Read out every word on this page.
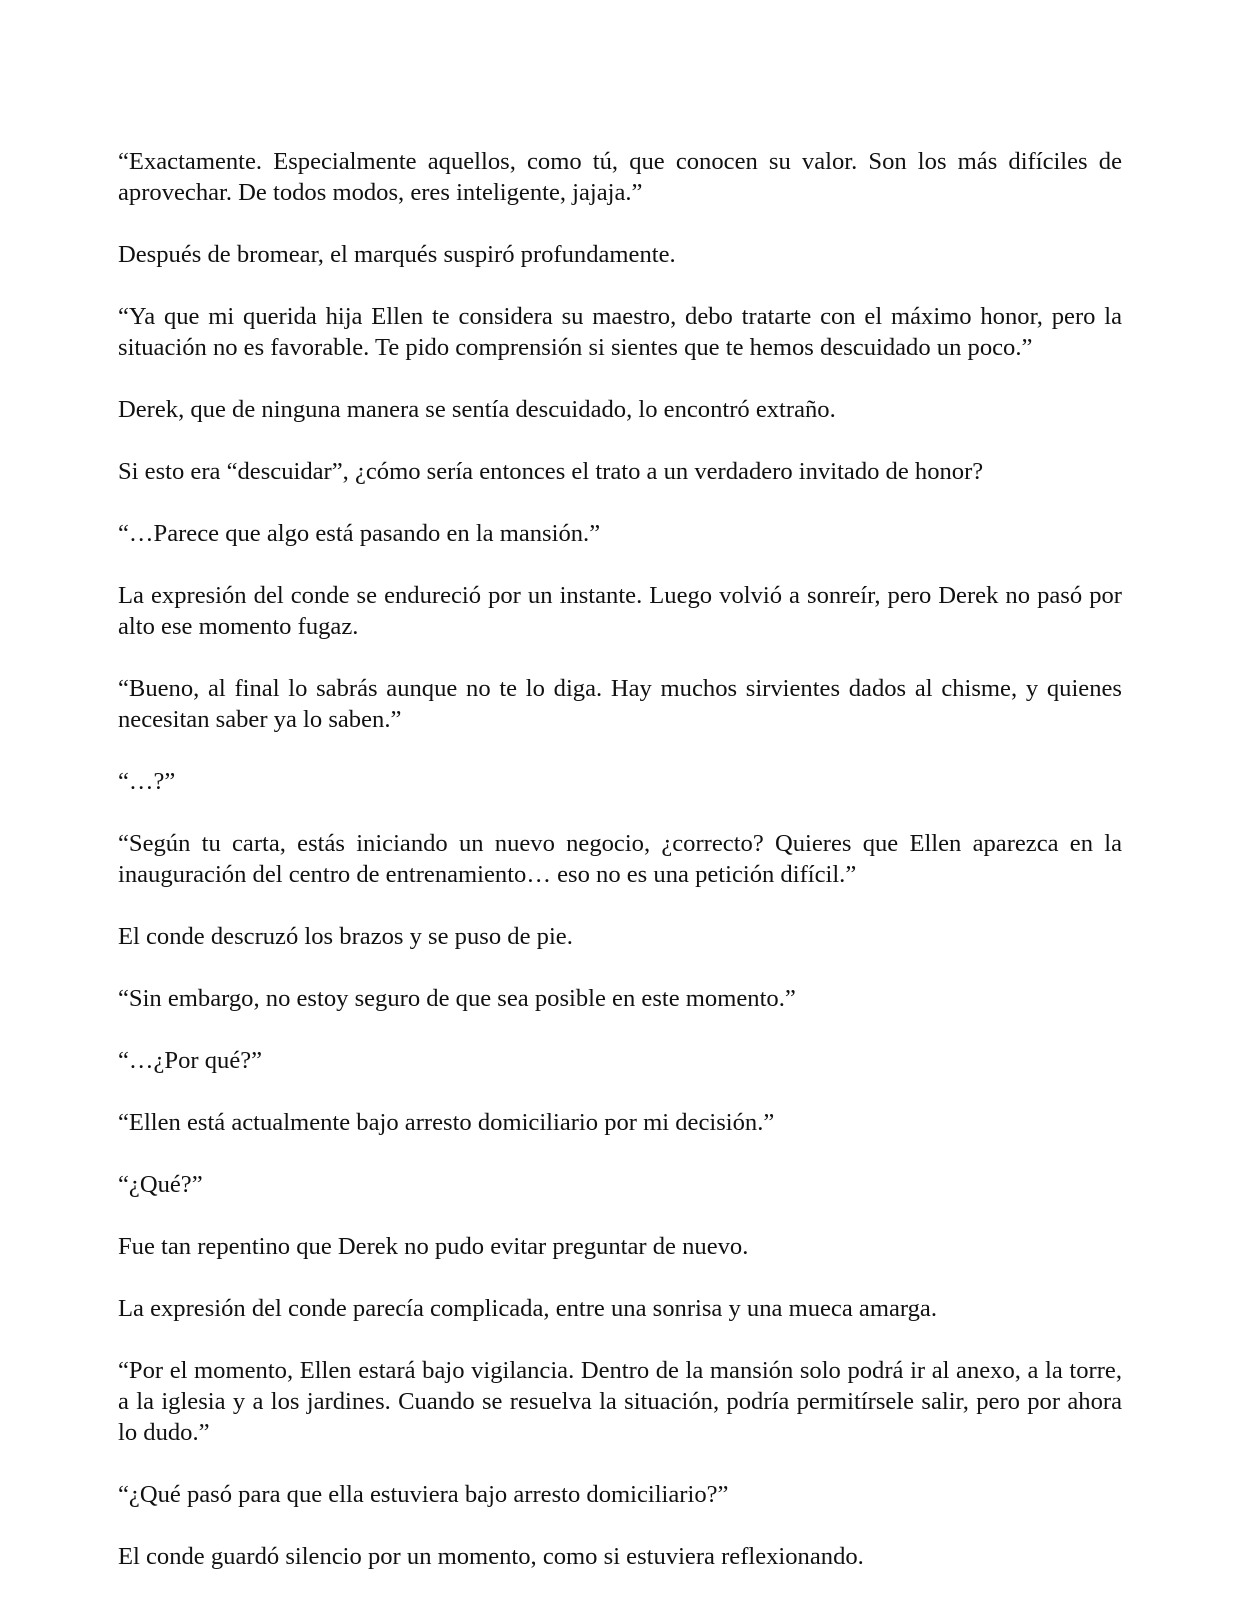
“Exactamente. Especialmente aquellos, como tú, que conocen su valor. Son los más difíciles de aprovechar. De todos modos, eres inteligente, jajaja.”

Después de bromear, el marqués suspiró profundamente.

“Ya que mi querida hija Ellen te considera su maestro, debo tratarte con el máximo honor, pero la situación no es favorable. Te pido comprensión si sientes que te hemos descuidado un poco.”

Derek, que de ninguna manera se sentía descuidado, lo encontró extraño.

Si esto era “descuidar”, ¿cómo sería entonces el trato a un verdadero invitado de honor?

“…Parece que algo está pasando en la mansión.”

La expresión del conde se endureció por un instante. Luego volvió a sonreír, pero Derek no pasó por alto ese momento fugaz.

“Bueno, al final lo sabrás aunque no te lo diga. Hay muchos sirvientes dados al chisme, y quienes necesitan saber ya lo saben.”

“…?”

“Según tu carta, estás iniciando un nuevo negocio, ¿correcto? Quieres que Ellen aparezca en la inauguración del centro de entrenamiento… eso no es una petición difícil.”

El conde descruzó los brazos y se puso de pie.

“Sin embargo, no estoy seguro de que sea posible en este momento.”

“…¿Por qué?”

“Ellen está actualmente bajo arresto domiciliario por mi decisión.”

“¿Qué?”

Fue tan repentino que Derek no pudo evitar preguntar de nuevo.

La expresión del conde parecía complicada, entre una sonrisa y una mueca amarga.

“Por el momento, Ellen estará bajo vigilancia. Dentro de la mansión solo podrá ir al anexo, a la torre, a la iglesia y a los jardines. Cuando se resuelva la situación, podría permitírsele salir, pero por ahora lo dudo.”

“¿Qué pasó para que ella estuviera bajo arresto domiciliario?”

El conde guardó silencio por un momento, como si estuviera reflexionando.
